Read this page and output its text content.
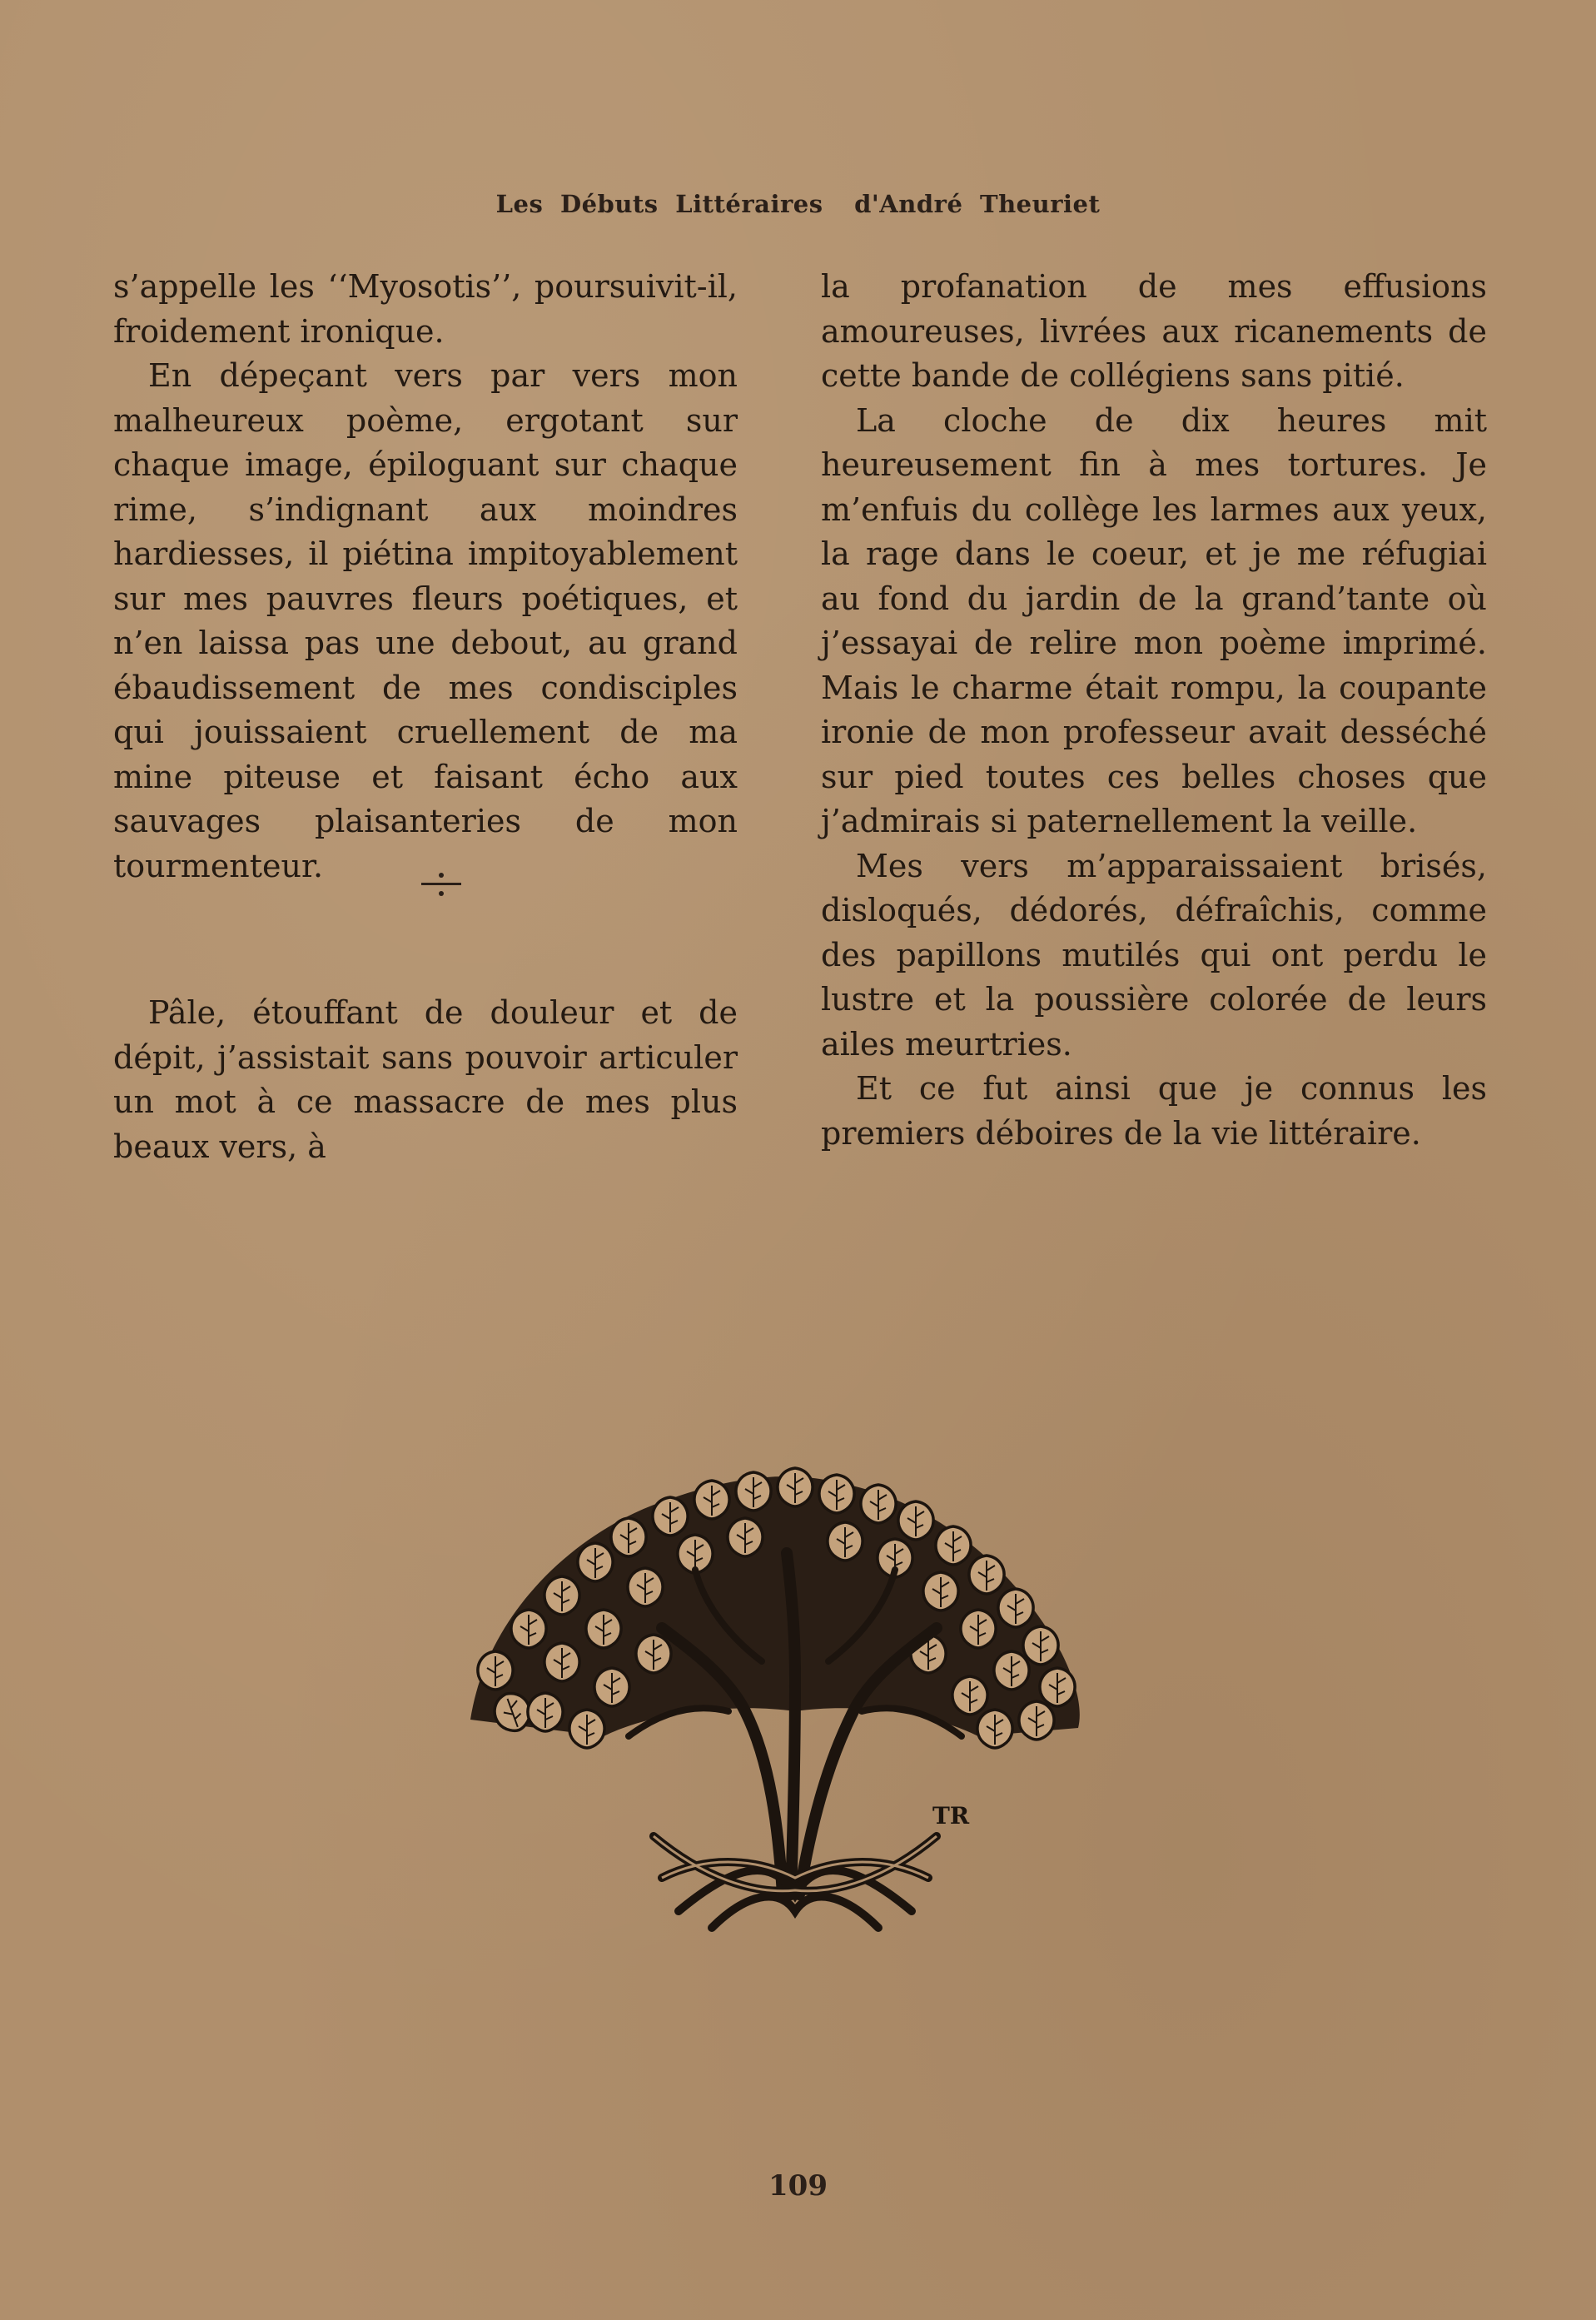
Les Débuts Littéraires d'André Theuriet

s’appelle les ‘‘Myosotis’’, poursuivit-il, froidement ironique.

En dépeçant vers par vers mon malheureux poème, ergotant sur chaque image, épiloguant sur chaque rime, s’indignant aux moindres hardiesses, il piétina impitoyablement sur mes pauvres fleurs poétiques, et n’en laissa pas une debout, au grand ébaudissement de mes condisciples qui jouissaient cruellement de ma mine piteuse et faisant écho aux sauvages plaisanteries de mon tourmenteur.

Pâle, étouffant de douleur et de dépit, j’assistait sans pouvoir articuler un mot à ce massacre de mes plus beaux vers, à

la profanation de mes effusions amoureuses, livrées aux ricanements de cette bande de collégiens sans pitié.

La cloche de dix heures mit heureusement fin à mes tortures. Je m’enfuis du collège les larmes aux yeux, la rage dans le coeur, et je me réfugiai au fond du jardin de la grand’tante où j’essayai de relire mon poème imprimé. Mais le charme était rompu, la coupante ironie de mon professeur avait desséché sur pied toutes ces belles choses que j’admirais si paternellement la veille.

Mes vers m’apparaissaient brisés, disloqués, dédorés, défraîchis, comme des papillons mutilés qui ont perdu le lustre et la poussière colorée de leurs ailes meurtries.

Et ce fut ainsi que je connus les premiers déboires de la vie littéraire.

TR
109
